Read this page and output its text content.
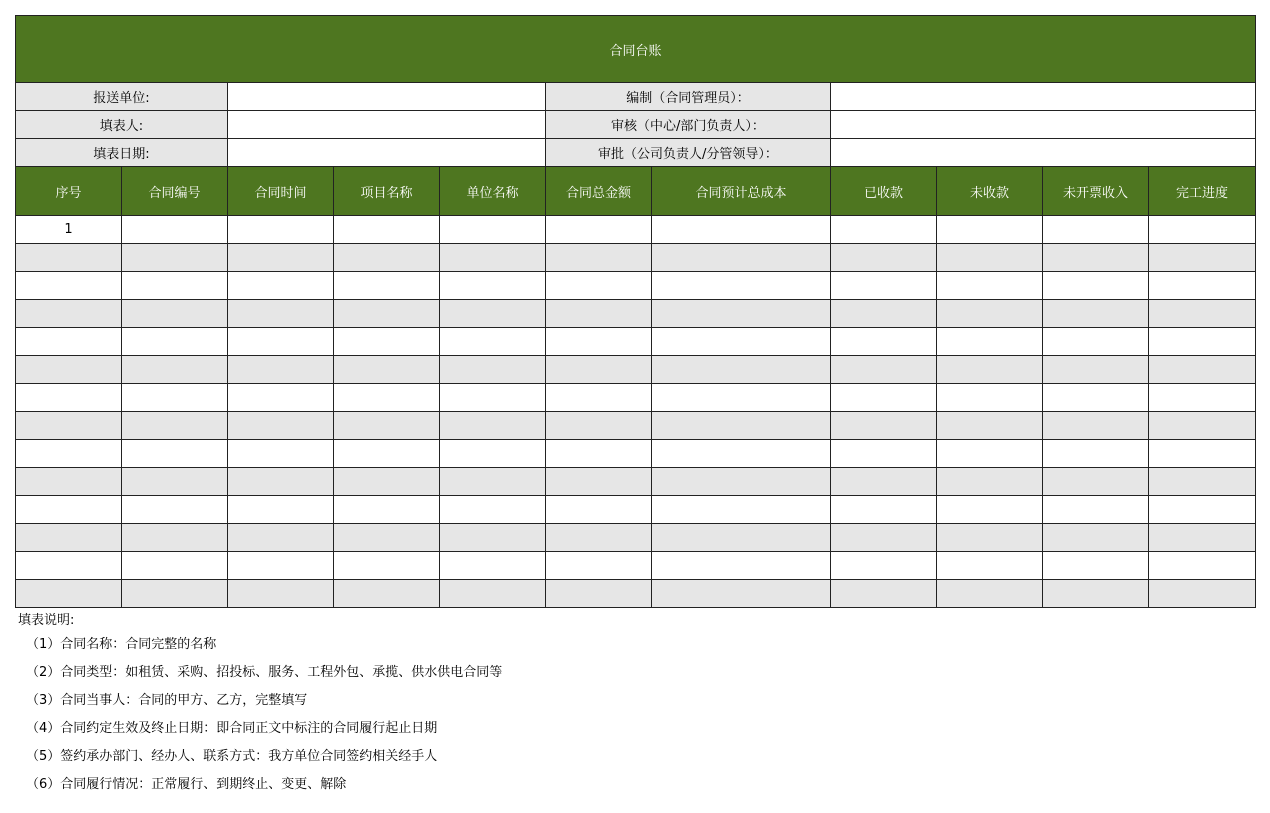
合同台账										
报送单位:					编制（合同管理员）：					
填表人:					审核（中心/部门负责人）：					
填表日期:					审批（公司负责人/分管领导）：					
序号	合同编号	合同时间	项目名称	单位名称	合同总金额	合同预计总成本	已收款	未收款	未开票收入	完工进度
1										

填表说明:
（1）合同名称：合同完整的名称
（2）合同类型：如租赁、采购、招投标、服务、工程外包、承揽、供水供电合同等
（3）合同当事人：合同的甲方、乙方，完整填写
（4）合同约定生效及终止日期：即合同正文中标注的合同履行起止日期
（5）签约承办部门、经办人、联系方式：我方单位合同签约相关经手人
（6）合同履行情况：正常履行、到期终止、变更、解除
